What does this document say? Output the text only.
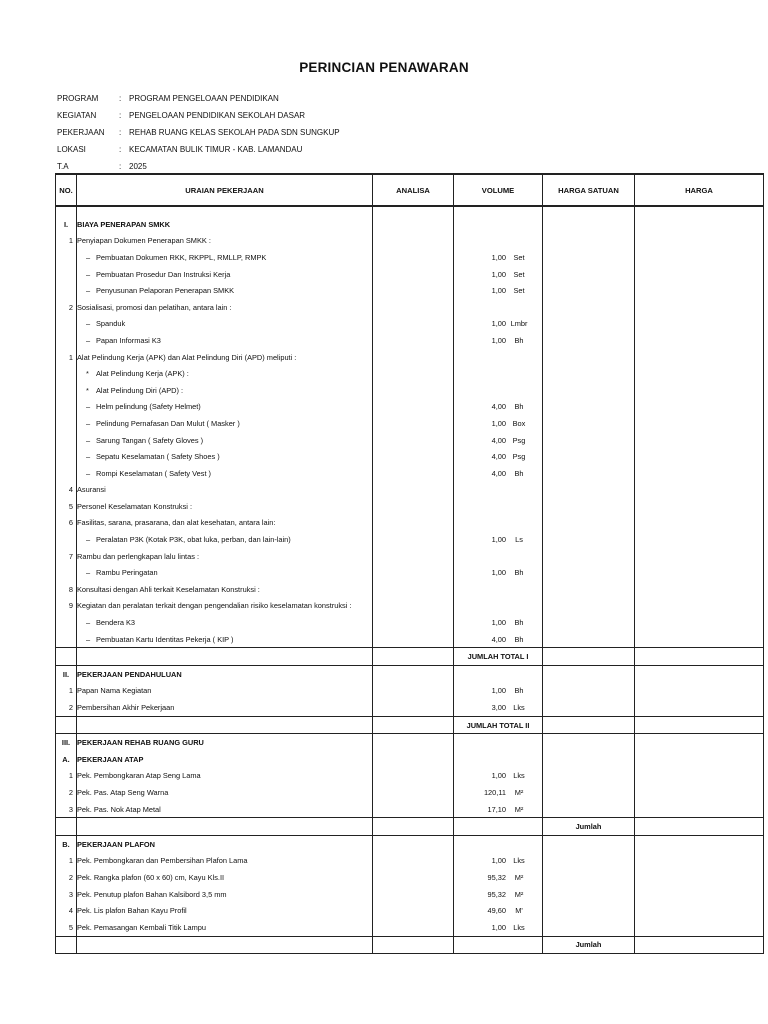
PERINCIAN PENAWARAN
PROGRAM	: PROGRAM PENGELOAAN PENDIDIKAN
KEGIATAN	: PENGELOAAN PENDIDIKAN SEKOLAH DASAR
PEKERJAAN	: REHAB RUANG KELAS SEKOLAH PADA SDN SUNGKUP
LOKASI	: KECAMATAN BULIK TIMUR - KAB. LAMANDAU
T.A	: 2025
NO.	URAIAN PEKERJAAN	ANALISA	VOLUME	HARGA SATUAN	HARGA

I.	BIAYA PENERAPAN SMKK				
1	Penyiapan Dokumen Penerapan SMKK :				
	– Pembuatan Dokumen RKK, RKPPL, RMLLP, RMPK		1,00 Set		

	– Pembuatan Prosedur Dan Instruksi Kerja		1,00 Set		

	– Penyusunan Pelaporan Penerapan SMKK		1,00 Set		

2	Sosialisasi, promosi dan pelatihan, antara lain :				
	– Spanduk		1,00 Lmbr		

	– Papan Informasi K3		1,00 Bh		

1	Alat Pelindung Kerja (APK) dan Alat Pelindung Diri (APD) meliputi :				
	* Alat Pelindung Kerja (APK) :				
	* Alat Pelindung Diri (APD) :				
	– Helm pelindung (Safety Helmet)		4,00 Bh		

	– Pelindung Pernafasan Dan Mulut ( Masker )		1,00 Box		

	– Sarung Tangan ( Safety Gloves )		4,00 Psg		

	– Sepatu Keselamatan ( Safety Shoes )		4,00 Psg		

	– Rompi Keselamatan ( Safety Vest )		4,00 Bh		

4	Asuransi				
5	Personel Keselamatan Konstruksi :				
6	Fasilitas, sarana, prasarana, dan alat kesehatan, antara lain:				
	– Peralatan P3K (Kotak P3K, obat luka, perban, dan lain-lain)		1,00 Ls		

7	Rambu dan perlengkapan lalu lintas :				
	– Rambu Peringatan		1,00 Bh		

8	Konsultasi dengan Ahli terkait Keselamatan Konstruksi :				
9	Kegiatan dan peralatan terkait dengan pengendalian risiko keselamatan konstruksi :				
	– Bendera K3		1,00 Bh		

	– Pembuatan Kartu Identitas Pekerja ( KIP )		4,00 Bh		

			JUMLAH TOTAL I		
II.	PEKERJAAN PENDAHULUAN				
1	Papan Nama Kegiatan		1,00 Bh		

2	Pembersihan Akhir Pekerjaan		3,00 Lks		

			JUMLAH TOTAL II		
III.	PEKERJAAN REHAB RUANG GURU				
A.	PEKERJAAN ATAP				
1	Pek. Pembongkaran Atap Seng Lama		1,00 Lks		

2	Pek. Pas. Atap Seng Warna		120,11 M²		

3	Pek. Pas. Nok Atap Metal		17,10 M²		

				Jumlah	
B.	PEKERJAAN PLAFON				
1	Pek. Pembongkaran dan Pembersihan Plafon Lama		1,00 Lks		

2	Pek. Rangka plafon (60 x 60) cm, Kayu Kls.II		95,32 M²		

3	Pek. Penutup plafon Bahan Kalsibord 3,5 mm		95,32 M²		

4	Pek. Lis plafon Bahan Kayu Profil		49,60 M'		

5	Pek. Pemasangan Kembali Titik Lampu		1,00 Lks		

				Jumlah	
